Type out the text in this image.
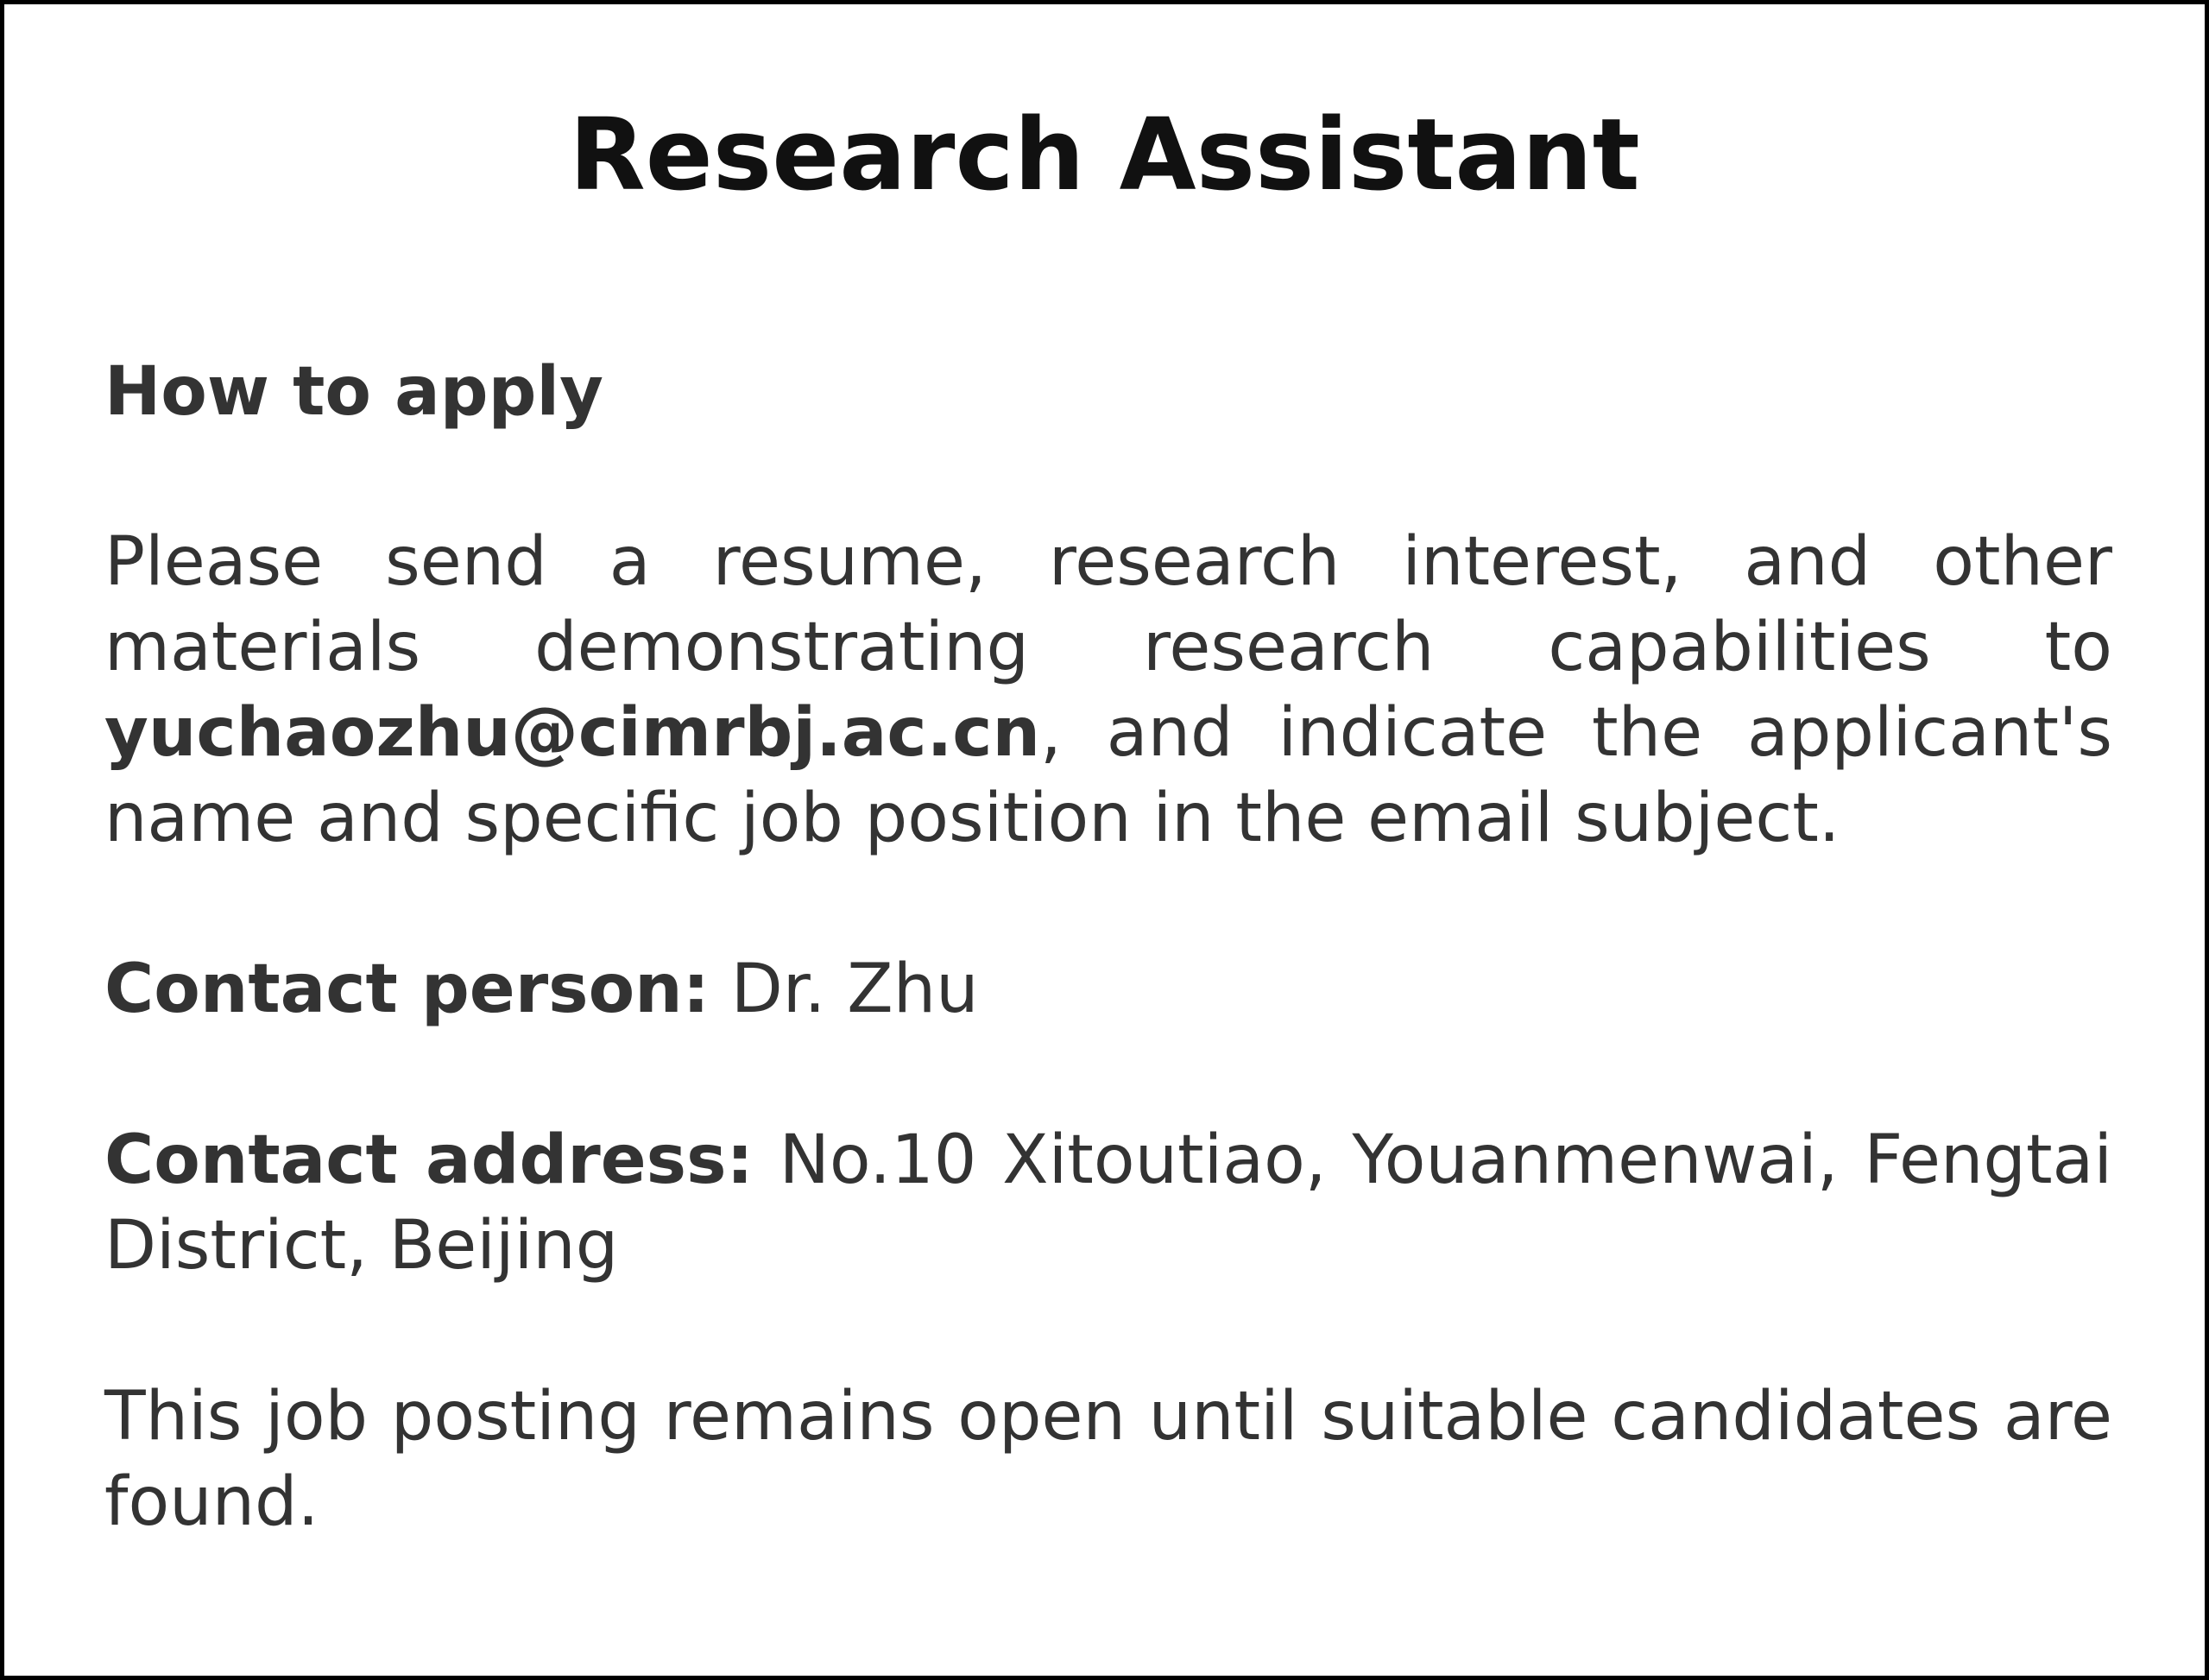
Research Assistant
How to apply

Please send a resume, research interest, and other materials demonstrating research capabilities to yuchaozhu@cimrbj.ac.cn, and indicate the applicant's name and specific job position in the email subject.

Contact person: Dr. Zhu

Contact address: No.10 Xitoutiao, Youanmenwai, Fengtai District, Beijing

This job posting remains open until suitable candidates are found.
